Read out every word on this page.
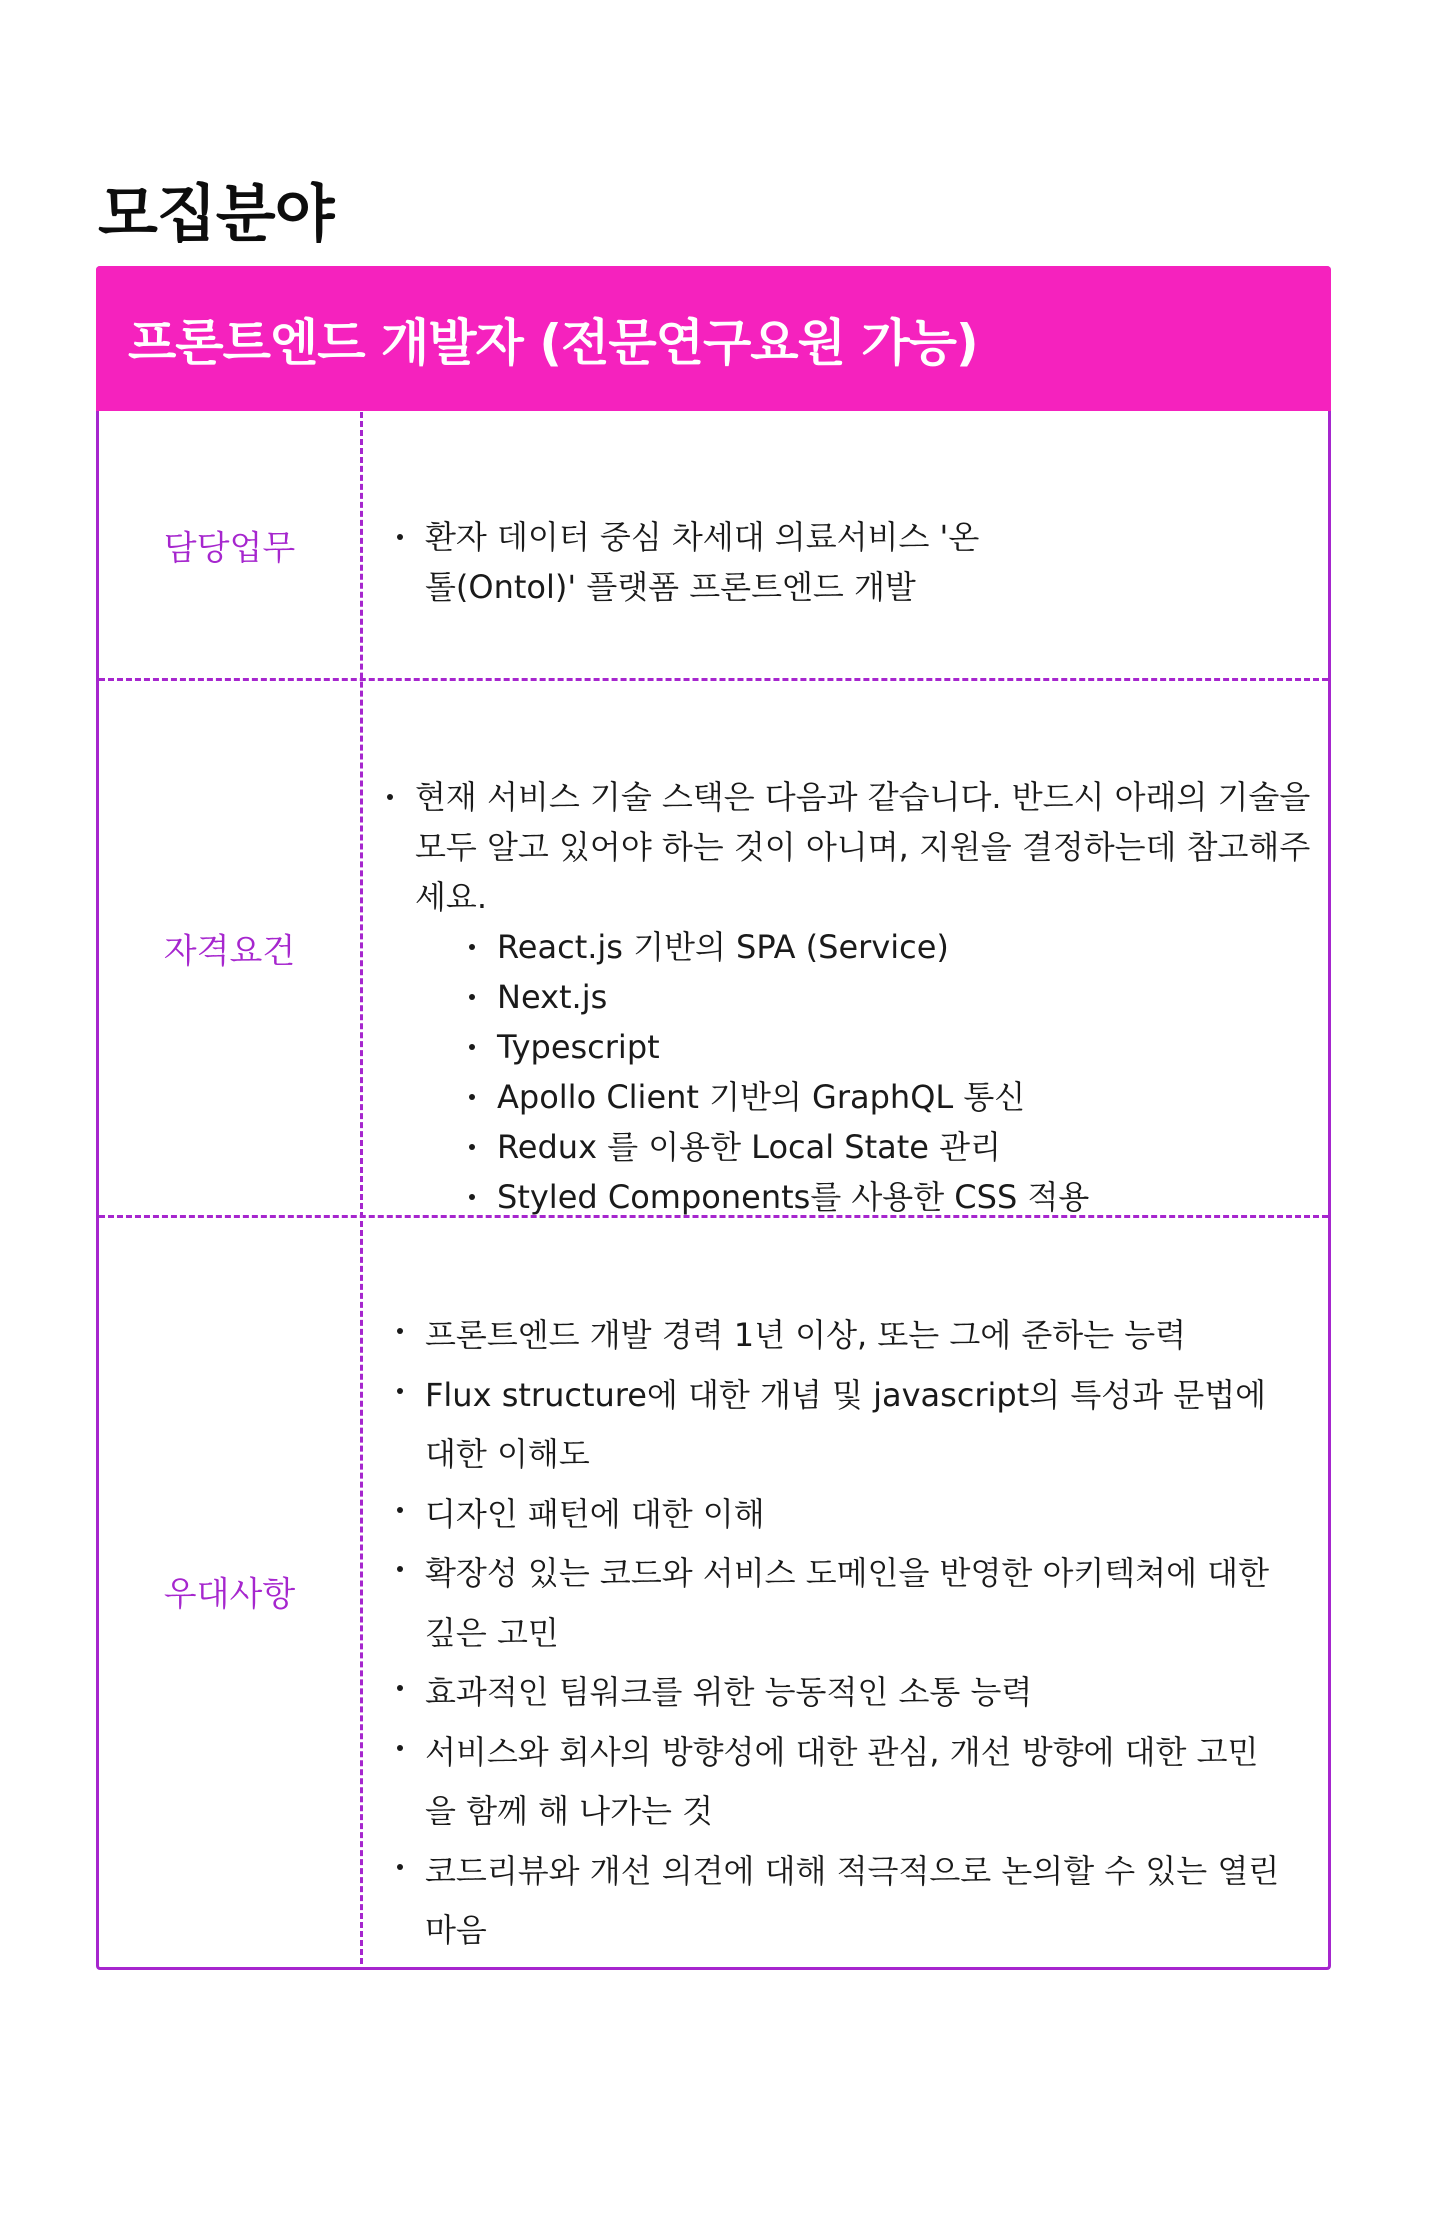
모집분야
프론트엔드 개발자 (전문연구요원 가능)

담당업무	환자 데이터 중심 차세대 의료서비스 '온톨(Ontol)' 플랫폼 프론트엔드 개발

자격요건

현재 서비스 기술 스택은 다음과 같습니다. 반드시 아래의 기술을 모두 알고 있어야 하는 것이 아니며, 지원을 결정하는데 참고해주세요.
React.js 기반의 SPA (Service)
Next.js
Typescript
Apollo Client 기반의 GraphQL 통신
Redux 를 이용한 Local State 관리
Styled Components를 사용한 CSS 적용

우대사항

프론트엔드 개발 경력 1년 이상, 또는 그에 준하는 능력
Flux structure에 대한 개념 및 javascript의 특성과 문법에 대한 이해도
디자인 패턴에 대한 이해
확장성 있는 코드와 서비스 도메인을 반영한 아키텍쳐에 대한 깊은 고민
효과적인 팀워크를 위한 능동적인 소통 능력
서비스와 회사의 방향성에 대한 관심, 개선 방향에 대한 고민을 함께 해 나가는 것
코드리뷰와 개선 의견에 대해 적극적으로 논의할 수 있는 열린 마음
